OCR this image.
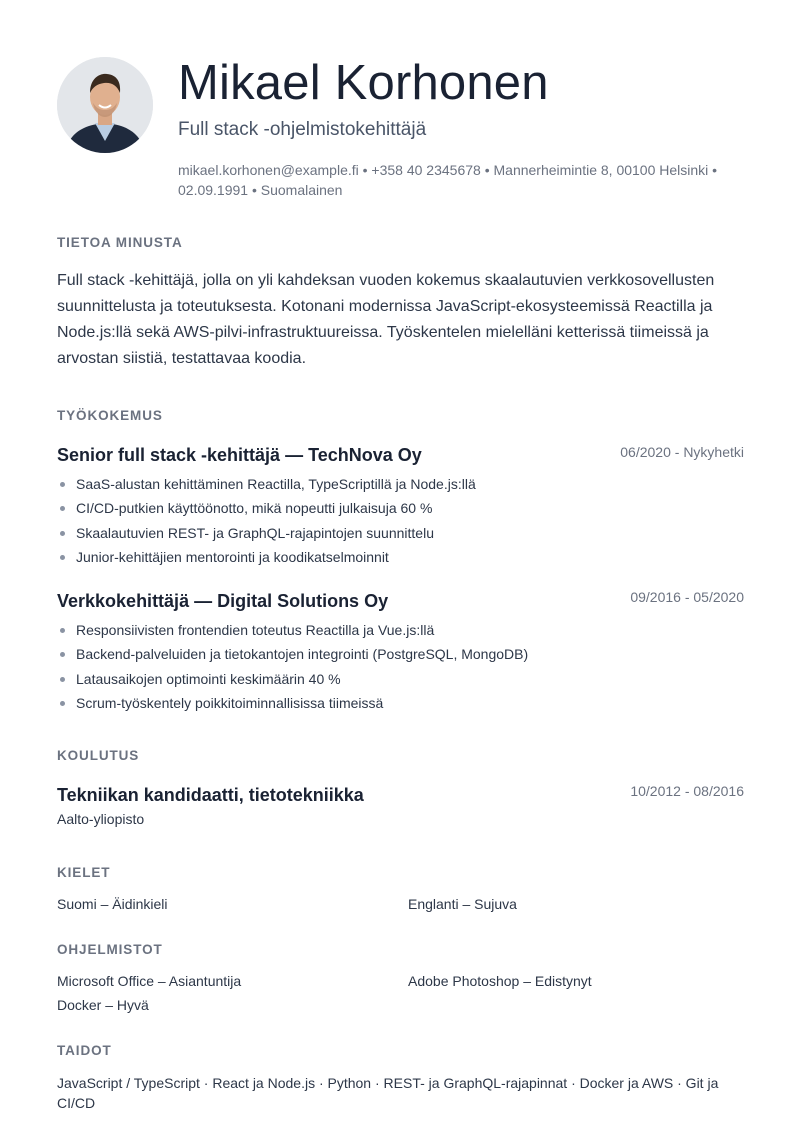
Mikael Korhonen
Full stack -ohjelmistokehittäjä
mikael.korhonen@example.fi • +358 40 2345678 • Mannerheimintie 8, 00100 Helsinki • 02.09.1991 • Suomalainen
TIETOA MINUSTA
Full stack -kehittäjä, jolla on yli kahdeksan vuoden kokemus skaalautuvien verkkosovellusten suunnittelusta ja toteutuksesta. Kotonani modernissa JavaScript-ekosysteemissä Reactilla ja Node.js:llä sekä AWS-pilvi-infrastruktuureissa. Työskentelen mielelläni ketterissä tiimeissä ja arvostan siistiä, testattavaa koodia.
TYÖKOKEMUS
Senior full stack -kehittäjä — TechNova Oy	06/2020 - Nykyhetki
SaaS-alustan kehittäminen Reactilla, TypeScriptillä ja Node.js:llä
CI/CD-putkien käyttöönotto, mikä nopeutti julkaisuja 60 %
Skaalautuvien REST- ja GraphQL-rajapintojen suunnittelu
Junior-kehittäjien mentorointi ja koodikatselmoinnit
Verkkokehittäjä — Digital Solutions Oy	09/2016 - 05/2020
Responsiivisten frontendien toteutus Reactilla ja Vue.js:llä
Backend-palveluiden ja tietokantojen integrointi (PostgreSQL, MongoDB)
Latausaikojen optimointi keskimäärin 40 %
Scrum-työskentely poikkitoiminnallisissa tiimeissä
KOULUTUS
Tekniikan kandidaatti, tietotekniikka	10/2012 - 08/2016
Aalto-yliopisto
KIELET
Suomi – Äidinkieli	Englanti – Sujuva
OHJELMISTOT
Microsoft Office – Asiantuntija	Adobe Photoshop – Edistynyt
Docker – Hyvä
TAIDOT
JavaScript / TypeScript · React ja Node.js · Python · REST- ja GraphQL-rajapinnat · Docker ja AWS · Git ja CI/CD
